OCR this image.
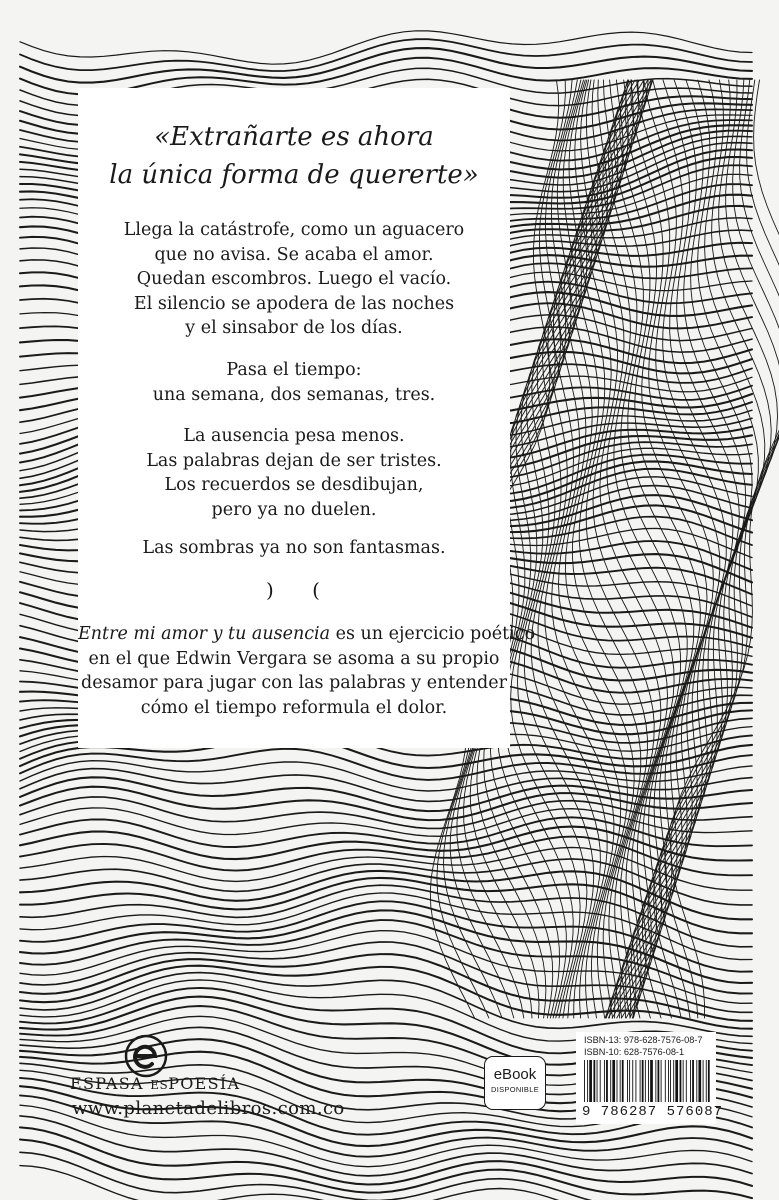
«Extrañarte es ahora
la única forma de quererte»
Llega la catástrofe, como un aguacero
que no avisa. Se acaba el amor.
Quedan escombros. Luego el vacío.
El silencio se apodera de las noches
y el sinsabor de los días.
Pasa el tiempo:
una semana, dos semanas, tres.
La ausencia pesa menos.
Las palabras dejan de ser tristes.
Los recuerdos se desdibujan,
pero ya no duelen.
Las sombras ya no son fantasmas.
) (
Entre mi amor y tu ausencia es un ejercicio poético
en el que Edwin Vergara se asoma a su propio
desamor para jugar con las palabras y entender
cómo el tiempo reformula el dolor.
ESPASA ESPOESÍA
www.planetadelibros.com.co
eBook
DISPONIBLE
ISBN-13: 978-628-7576-08-7
ISBN-10: 628-7576-08-1
9 786287 576087
